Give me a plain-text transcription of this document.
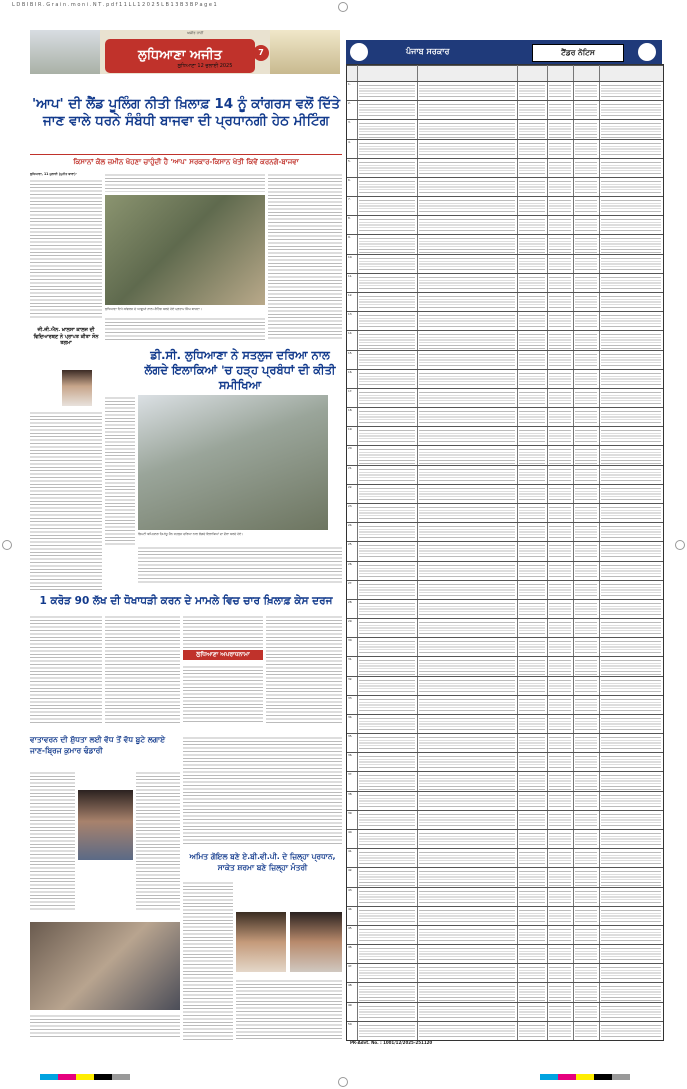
L D B I B I R . G r a i n . m o n i . N T . p d f 1 1 L L 1 2 0 2 5 L B 1 3 B 3 B P a g e 1
ਲੁਧਿਆਣਾ ਅਜੀਤ
ਲੁਧਿਆਣਾ 12 ਜੁਲਾਈ 2025
7
ਅਜੀਤ ਰਾਹੀਂ
'ਆਪ' ਦੀ ਲੈਂਡ ਪੂਲਿੰਗ ਨੀਤੀ ਖ਼ਿਲਾਫ਼ 14 ਨੂੰ ਕਾਂਗਰਸ ਵਲੋਂ ਦਿੱਤੇ ਜਾਣ ਵਾਲੇ ਧਰਨੇ ਸੰਬੰਧੀ ਬਾਜਵਾ ਦੀ ਪ੍ਰਧਾਨਗੀ ਹੇਠ ਮੀਟਿੰਗ
ਕਿਸਾਨਾਂ ਕੋਲ ਜ਼ਮੀਨ ਖੋਹਣਾ ਚਾਹੁੰਦੀ ਹੈ 'ਆਪ' ਸਰਕਾਰ-ਕਿਸਾਨ ਖੇਤੀ ਕਿਵੇਂ ਕਰਨਗੇ-ਬਾਜਵਾ
ਲੁਧਿਆਣਾ, 11 ਜੁਲਾਈ (ਪੁਨੀਤ ਬਾਵਾ)-
ਲੁਧਿਆਣਾ ਵਿਖੇ ਕਾਂਗਰਸ ਦੇ ਆਗੂਆਂ ਨਾਲ ਮੀਟਿੰਗ ਕਰਦੇ ਹੋਏ ਪ੍ਰਤਾਪ ਸਿੰਘ ਬਾਜਵਾ।
ਜੀ.ਜੀ.ਐਨ. ਖ਼ਾਲਸਾ ਕਾਲਜ ਦੀ ਵਿਦਿਆਰਥਣ ਨੇ ਪ੍ਰਾਪਤ ਕੀਤਾ ਸੋਨ ਤਗਮਾ
ਡੀ.ਸੀ. ਲੁਧਿਆਣਾ ਨੇ ਸਤਲੁਜ ਦਰਿਆ ਨਾਲ ਲੱਗਦੇ ਇਲਾਕਿਆਂ 'ਚ ਹੜ੍ਹ ਪ੍ਰਬੰਧਾਂ ਦੀ ਕੀਤੀ ਸਮੀਖਿਆ
ਡਿਪਟੀ ਕਮਿਸ਼ਨਰ ਹਿਮਾਂਸ਼ੂ ਜੈਨ ਸਤਲੁਜ ਦਰਿਆ ਨਾਲ ਲੱਗਦੇ ਇਲਾਕਿਆਂ ਦਾ ਦੌਰਾ ਕਰਦੇ ਹੋਏ।
1 ਕਰੋੜ 90 ਲੱਖ ਦੀ ਧੋਖਾਧੜੀ ਕਰਨ ਦੇ ਮਾਮਲੇ ਵਿਚ ਚਾਰ ਖ਼ਿਲਾਫ਼ ਕੇਸ ਦਰਜ
ਲੁਧਿਆਣਾ ਅਪਰਾਧਨਾਮਾ
ਵਾਤਾਵਰਨ ਦੀ ਸ਼ੁੱਧਤਾ ਲਈ ਵੱਧ ਤੋਂ ਵੱਧ ਬੂਟੇ ਲਗਾਏ ਜਾਣ-ਬ੍ਰਿਜ ਕੁਮਾਰ ਢੰਡਾਰੀ
ਅਮਿਤ ਗੋਇਲ ਬਣੇ ਏ.ਬੀ.ਵੀ.ਪੀ. ਦੇ ਜ਼ਿਲ੍ਹਾ ਪ੍ਰਧਾਨ, ਸਾਕੇਤ ਸ਼ਰਮਾ ਬਣੇ ਜ਼ਿਲ੍ਹਾ ਮੰਤਰੀ
ਪੰਜਾਬ ਸਰਕਾਰ	ਟੈਂਡਰ ਨੋਟਿਸ
1.
2.
3.
4.
5.
6.
7.
8.
9.
10.
11.
12.
13.
14.
15.
16.
17.
18.
19.
20.
21.
22.
23.
24.
25.
26.
27.
28.
29.
30.
31.
32.
33.
34.
35.
36.
37.
38.
39.
40.
41.
42.
43.
44.
45.
46.
47.
48.
49.
50.
PR-Advt. No. : 1001/12/2025-251120
